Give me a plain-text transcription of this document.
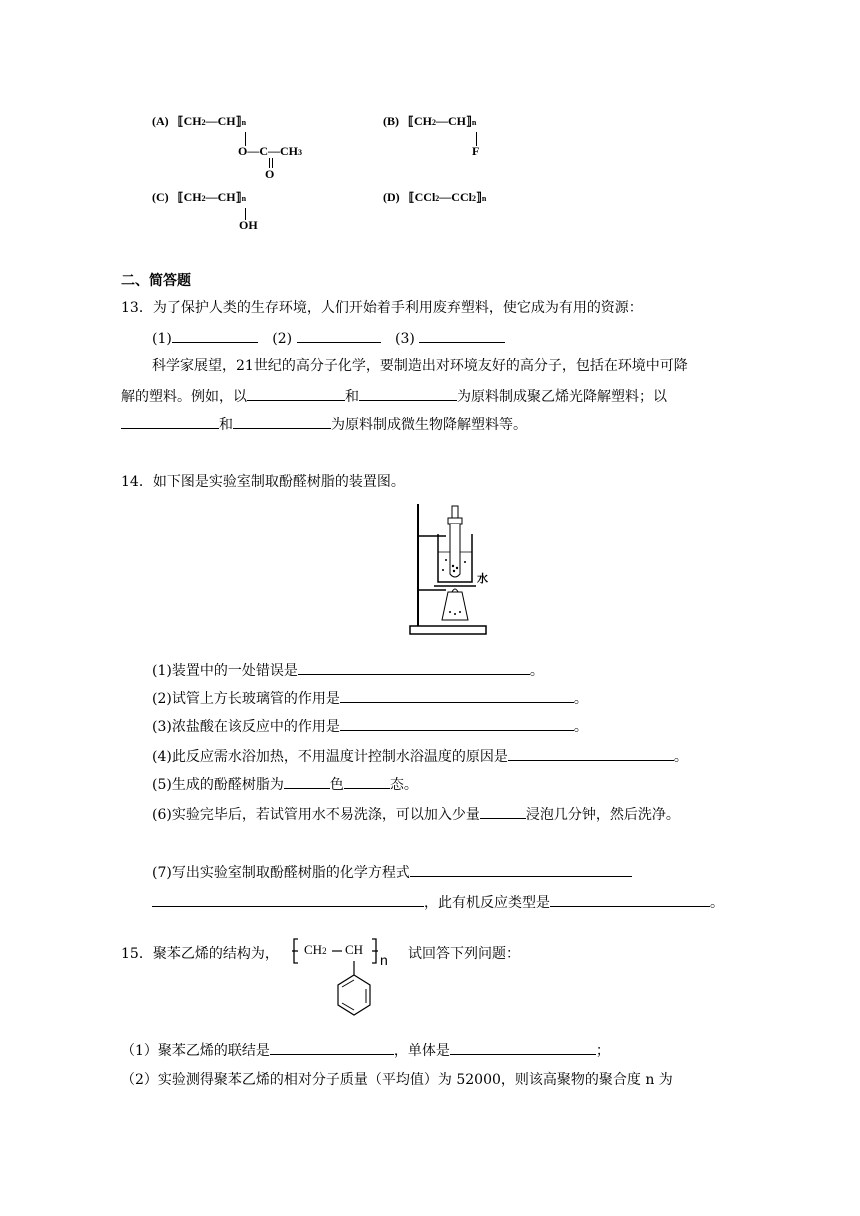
(A) ⟦CH2—CH⟧n
O—C—CH3
O
(B) ⟦CH2—CH⟧n
F
(C) ⟦CH2—CH⟧n
OH
(D) ⟦CCl2—CCl2⟧n
二、简答题
13．为了保护人类的生存环境，人们开始着手利用废弃塑料，使它成为有用的资源：
(1)	(2)	(3)
科学家展望，21世纪的高分子化学，要制造出对环境友好的高分子，包括在环境中可降
解的塑料。例如，以	和	为原料制成聚乙烯光降解塑料；以
和	为原料制成微生物降解塑料等。
14．如下图是实验室制取酚醛树脂的装置图。
水
(1)装置中的一处错误是	。
(2)试管上方长玻璃管的作用是	。
(3)浓盐酸在该反应中的作用是	。
(4)此反应需水浴加热，不用温度计控制水浴温度的原因是	。
(5)生成的酚醛树脂为	色	态。
(6)实验完毕后，若试管用水不易洗涤，可以加入少量	浸泡几分钟，然后洗净。
(7)写出实验室制取酚醛树脂的化学方程式
，此有机反应类型是	。
15．聚苯乙烯的结构为，	试回答下列问题：
CH2 CH
n
（1）聚苯乙烯的联结是	，单体是	；
（2）实验测得聚苯乙烯的相对分子质量（平均值）为 52000，则该高聚物的聚合度 n 为
